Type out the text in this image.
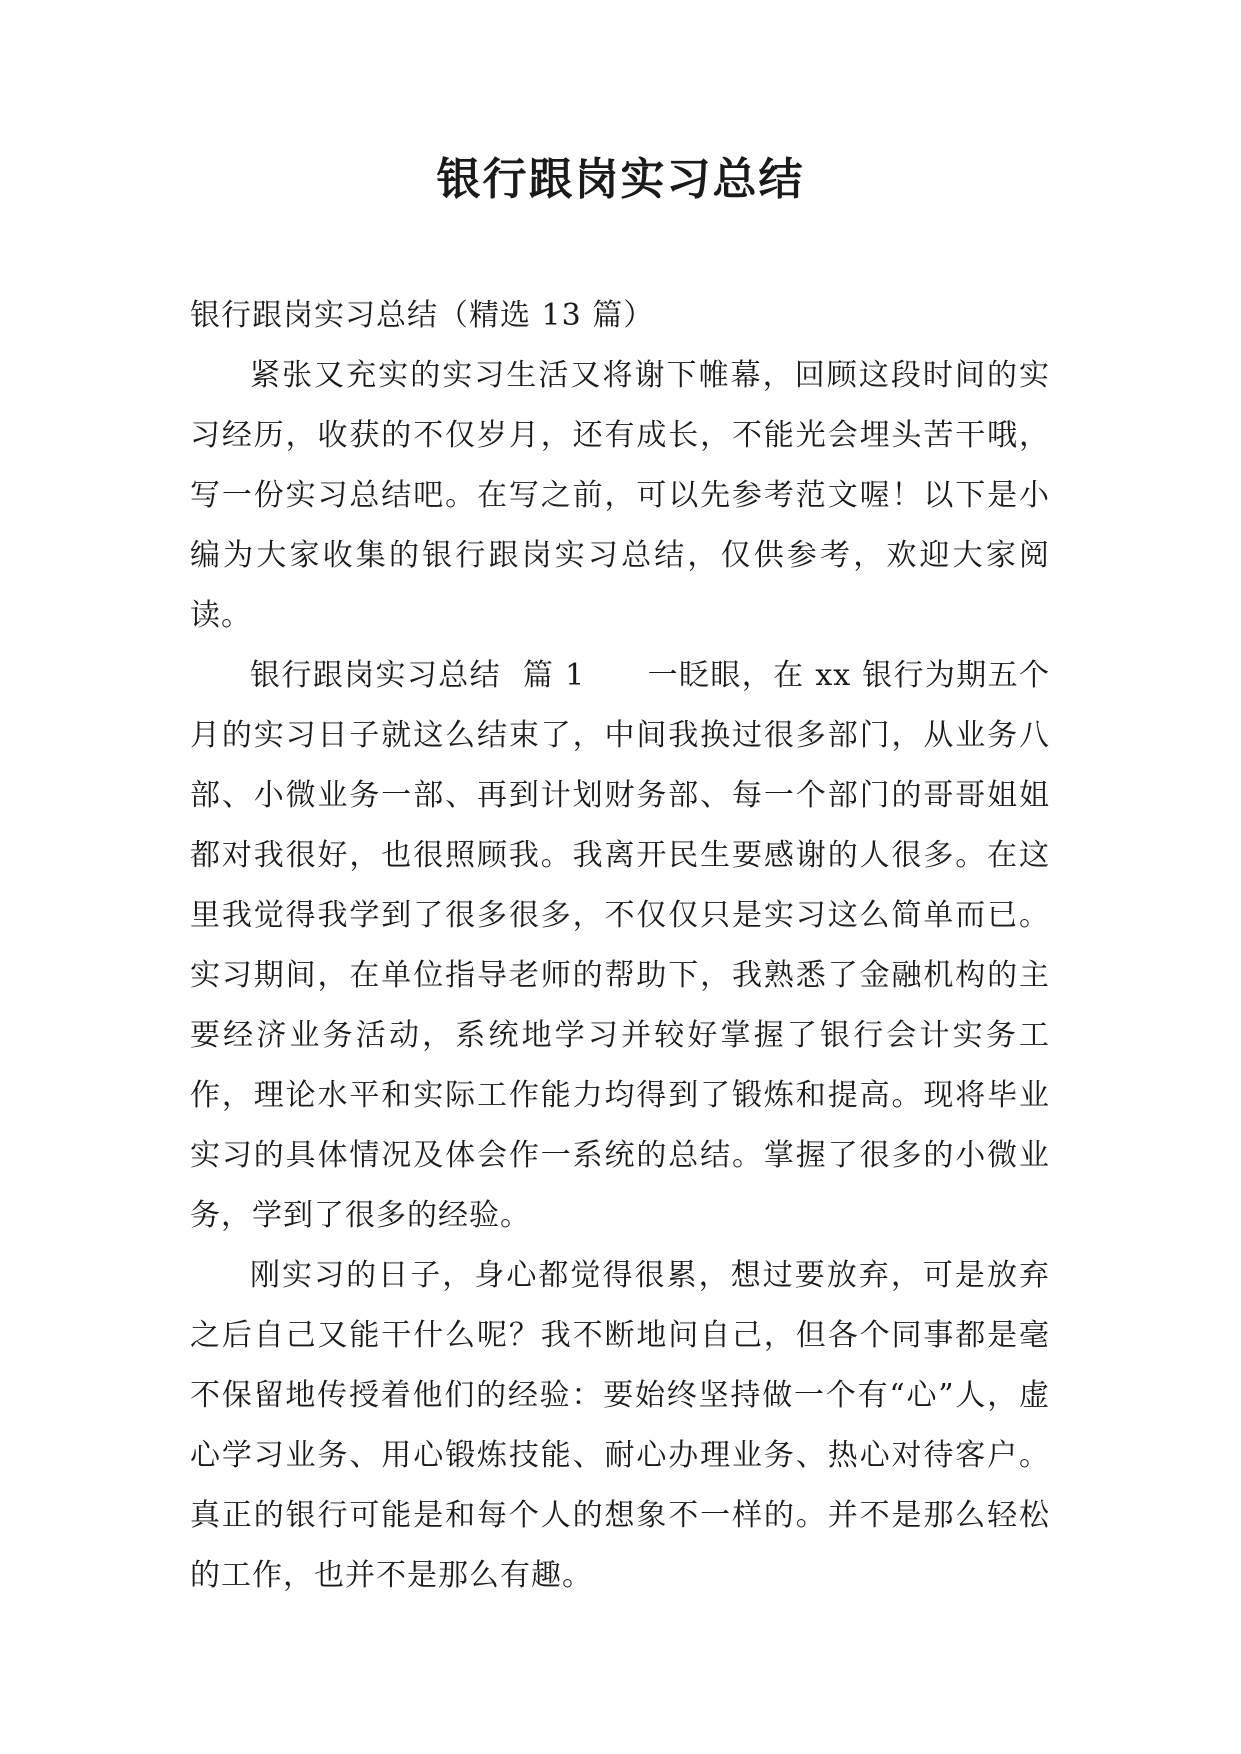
银行跟岗实习总结

银行跟岗实习总结（精选 13 篇）

紧张又充实的实习生活又将谢下帷幕，回顾这段时间的实习经历，收获的不仅岁月，还有成长，不能光会埋头苦干哦，写一份实习总结吧。在写之前，可以先参考范文喔！以下是小编为大家收集的银行跟岗实习总结，仅供参考，欢迎大家阅读。

银行跟岗实习总结  篇 1 一眨眼，在 xx 银行为期五个月的实习日子就这么结束了，中间我换过很多部门，从业务八部、小微业务一部、再到计划财务部、每一个部门的哥哥姐姐都对我很好，也很照顾我。我离开民生要感谢的人很多。在这里我觉得我学到了很多很多，不仅仅只是实习这么简单而已。实习期间，在单位指导老师的帮助下，我熟悉了金融机构的主要经济业务活动，系统地学习并较好掌握了银行会计实务工作，理论水平和实际工作能力均得到了锻炼和提高。现将毕业实习的具体情况及体会作一系统的总结。掌握了很多的小微业务，学到了很多的经验。

刚实习的日子，身心都觉得很累，想过要放弃，可是放弃之后自己又能干什么呢？我不断地问自己，但各个同事都是毫不保留地传授着他们的经验：要始终坚持做一个有“心”人，虚心学习业务、用心锻炼技能、耐心办理业务、热心对待客户。真正的银行可能是和每个人的想象不一样的。并不是那么轻松的工作，也并不是那么有趣。
